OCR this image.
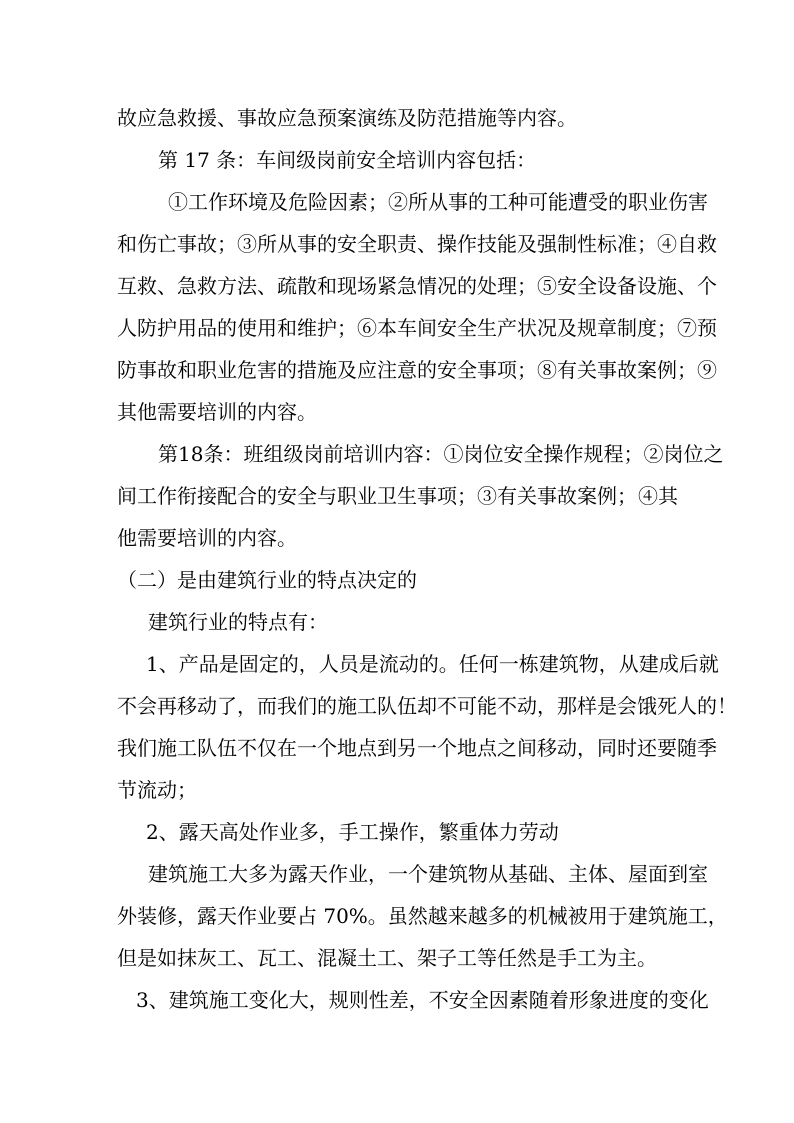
故应急救援、事故应急预案演练及防范措施等内容。
第 17 条：车间级岗前安全培训内容包括：
①工作环境及危险因素；②所从事的工种可能遭受的职业伤害
和伤亡事故；③所从事的安全职责、操作技能及强制性标准；④自救
互救、急救方法、疏散和现场紧急情况的处理；⑤安全设备设施、个
人防护用品的使用和维护；⑥本车间安全生产状况及规章制度；⑦预
防事故和职业危害的措施及应注意的安全事项；⑧有关事故案例；⑨
其他需要培训的内容。
第18条：班组级岗前培训内容：①岗位安全操作规程；②岗位之
间工作衔接配合的安全与职业卫生事项；③有关事故案例； ④其
他需要培训的内容。
（二）是由建筑行业的特点决定的
建筑行业的特点有：
1、产品是固定的，人员是流动的。任何一栋建筑物，从建成后就
不会再移动了，而我们的施工队伍却不可能不动，那样是会饿死人的！
我们施工队伍不仅在一个地点到另一个地点之间移动，同时还要随季
节流动；
2、露天高处作业多，手工操作，繁重体力劳动
建筑施工大多为露天作业，一个建筑物从基础、主体、屋面到室
外装修，露天作业要占 70%。虽然越来越多的机械被用于建筑施工，
但是如抹灰工、瓦工、混凝土工、架子工等任然是手工为主。
3、建筑施工变化大，规则性差，不安全因素随着形象进度的变化
